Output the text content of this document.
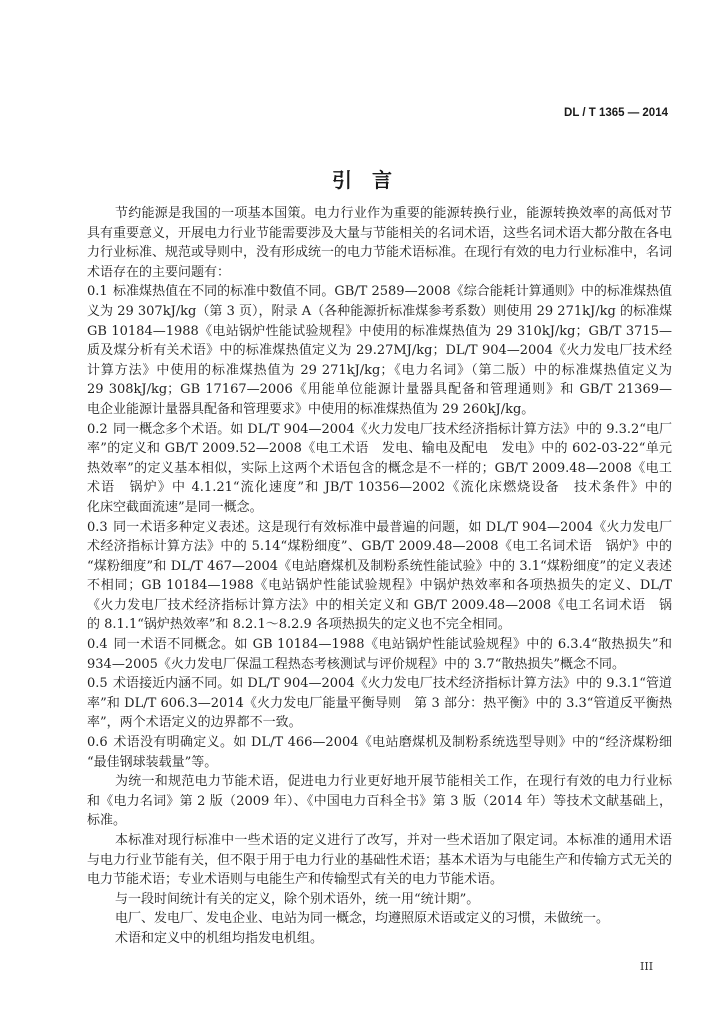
DL / T 1365 — 2014
引　言
节约能源是我国的一项基本国策。电力行业作为重要的能源转换行业，能源转换效率的高低对节
具有重要意义，开展电力行业节能需要涉及大量与节能相关的名词术语，这些名词术语大都分散在各电
力行业标准、规范或导则中，没有形成统一的电力节能术语标准。在现行有效的电力行业标准中，名词
术语存在的主要问题有：
0.1 标准煤热值在不同的标准中数值不同。GB/T 2589—2008《综合能耗计算通则》中的标准煤热值
义为 29 307kJ/kg（第 3 页），附录 A（各种能源折标准煤参考系数）则使用 29 271kJ/kg 的标准煤
GB 10184—1988《电站锅炉性能试验规程》中使用的标准煤热值为 29 310kJ/kg；GB/T 3715—
质及煤分析有关术语》中的标准煤热值定义为 29.27MJ/kg；DL/T 904—2004《火力发电厂技术经
计算方法》中使用的标准煤热值为 29 271kJ/kg；《电力名词》（第二版）中的标准煤热值定义为
29 308kJ/kg；GB 17167—2006《用能单位能源计量器具配备和管理通则》和 GB/T 21369—
电企业能源计量器具配备和管理要求》中使用的标准煤热值为 29 260kJ/kg。
0.2 同一概念多个术语。如 DL/T 904—2004《火力发电厂技术经济指标计算方法》中的 9.3.2“电厂
率”的定义和 GB/T 2009.52—2008《电工术语　发电、输电及配电　发电》中的 602-03-22“单元
热效率”的定义基本相似，实际上这两个术语包含的概念是不一样的；GB/T 2009.48—2008《电工
术语　锅炉》中 4.1.21“流化速度”和 JB/T 10356—2002《流化床燃烧设备　技术条件》中的
化床空截面流速”是同一概念。
0.3 同一术语多种定义表述。这是现行有效标准中最普遍的问题，如 DL/T 904—2004《火力发电厂
术经济指标计算方法》中的 5.14“煤粉细度”、GB/T 2009.48—2008《电工名词术语　锅炉》中的
“煤粉细度”和 DL/T 467—2004《电站磨煤机及制粉系统性能试验》中的 3.1“煤粉细度”的定义表述
不相同；GB 10184—1988《电站锅炉性能试验规程》中锅炉热效率和各项热损失的定义、DL/T
《火力发电厂技术经济指标计算方法》中的相关定义和 GB/T 2009.48—2008《电工名词术语　锅
的 8.1.1“锅炉热效率”和 8.2.1～8.2.9 各项热损失的定义也不完全相同。
0.4 同一术语不同概念。如 GB 10184—1988《电站锅炉性能试验规程》中的 6.3.4“散热损失”和
934—2005《火力发电厂保温工程热态考核测试与评价规程》中的 3.7“散热损失”概念不同。
0.5 术语接近内涵不同。如 DL/T 904—2004《火力发电厂技术经济指标计算方法》中的 9.3.1“管道
率”和 DL/T 606.3—2014《火力发电厂能量平衡导则　第 3 部分：热平衡》中的 3.3“管道反平衡热
率”，两个术语定义的边界都不一致。
0.6 术语没有明确定义。如 DL/T 466—2004《电站磨煤机及制粉系统选型导则》中的“经济煤粉细
“最佳钢球装载量”等。
为统一和规范电力节能术语，促进电力行业更好地开展节能相关工作，在现行有效的电力行业标
和《电力名词》第 2 版（2009 年）、《中国电力百科全书》第 3 版（2014 年）等技术文献基础上，
标准。
本标准对现行标准中一些术语的定义进行了改写，并对一些术语加了限定词。本标准的通用术语
与电力行业节能有关，但不限于用于电力行业的基础性术语；基本术语为与电能生产和传输方式无关的
电力节能术语；专业术语则与电能生产和传输型式有关的电力节能术语。
与一段时间统计有关的定义，除个别术语外，统一用“统计期”。
电厂、发电厂、发电企业、电站为同一概念，均遵照原术语或定义的习惯，未做统一。
术语和定义中的机组均指发电机组。
III
